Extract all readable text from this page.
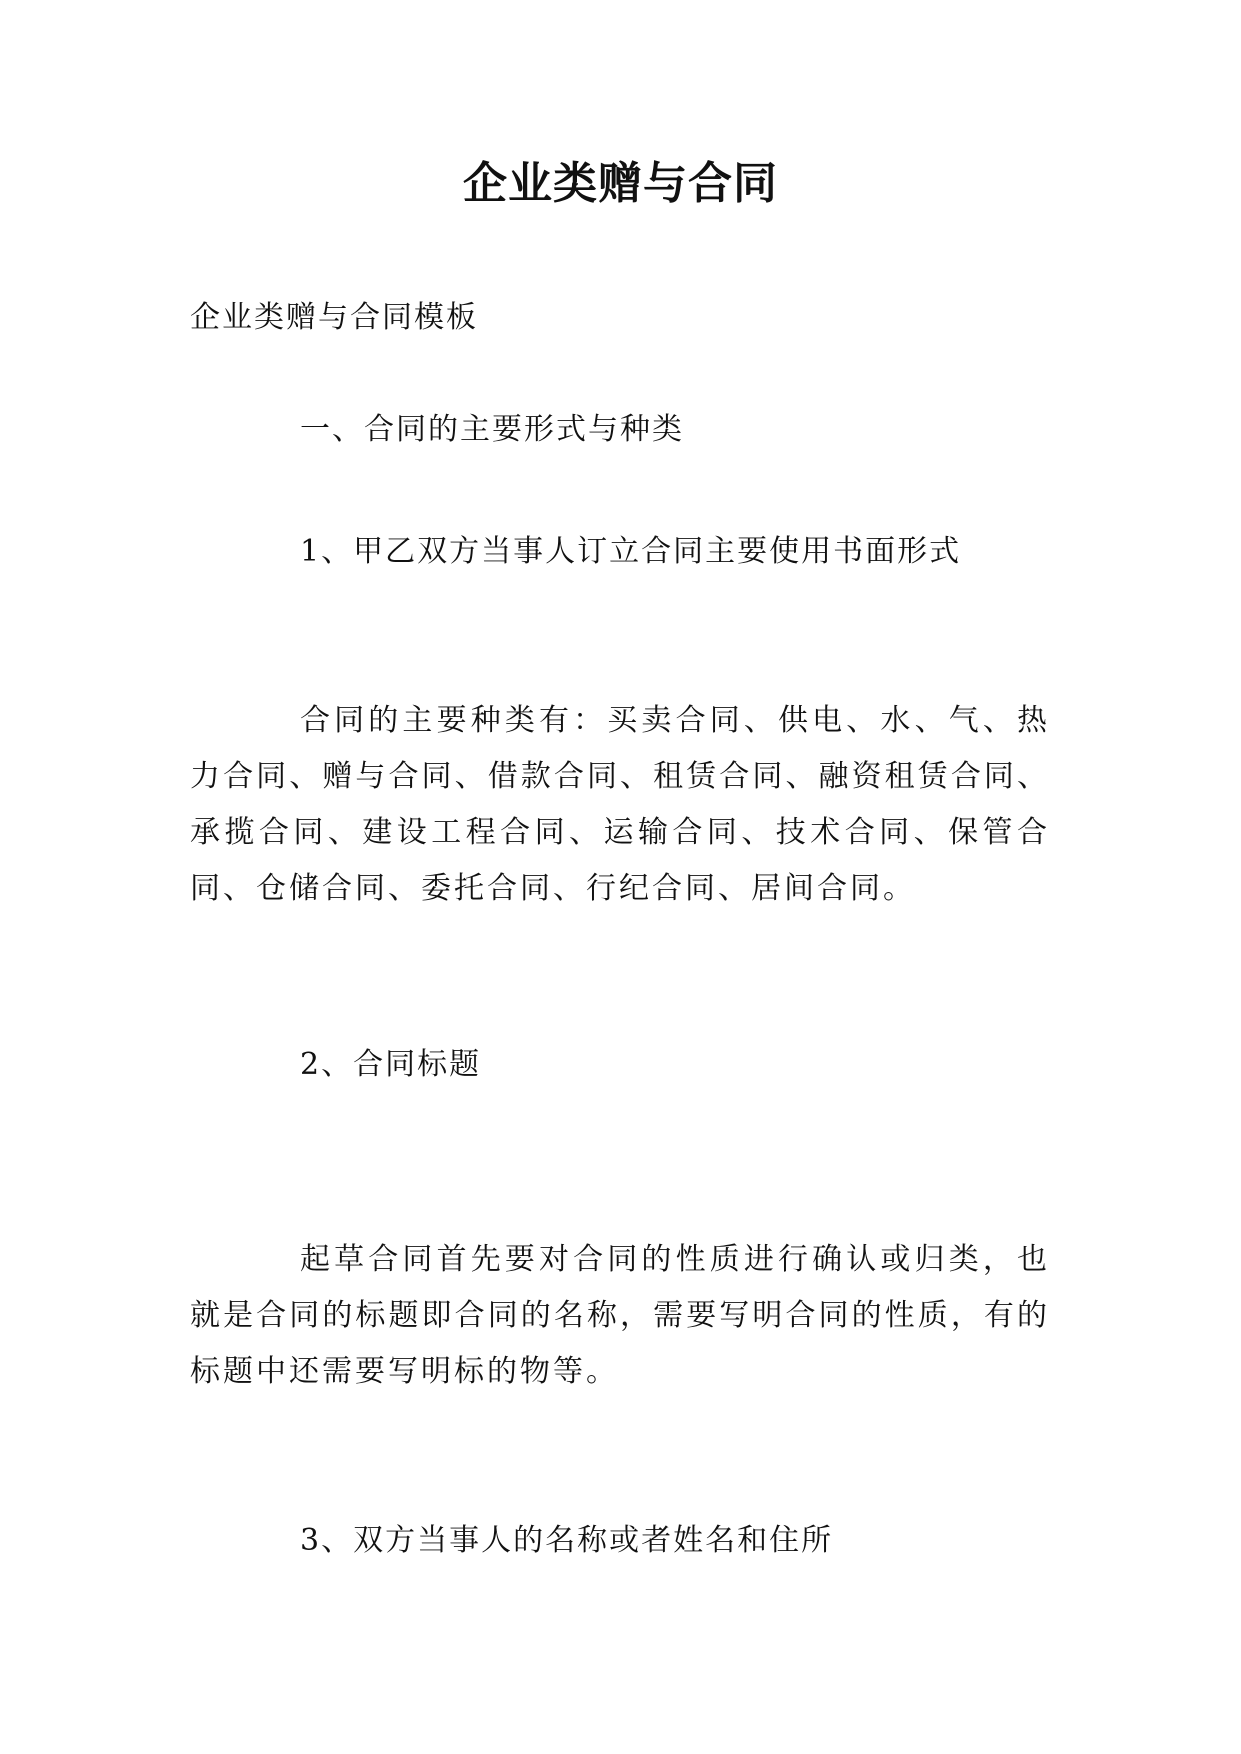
企业类赠与合同

企业类赠与合同模板

一、合同的主要形式与种类

1、甲乙双方当事人订立合同主要使用书面形式

合同的主要种类有：买卖合同、供电、水、气、热力合同、赠与合同、借款合同、租赁合同、融资租赁合同、承揽合同、建设工程合同、运输合同、技术合同、保管合同、仓储合同、委托合同、行纪合同、居间合同。

2、合同标题

起草合同首先要对合同的性质进行确认或归类，也就是合同的标题即合同的名称，需要写明合同的性质，有的标题中还需要写明标的物等。

3、双方当事人的名称或者姓名和住所
